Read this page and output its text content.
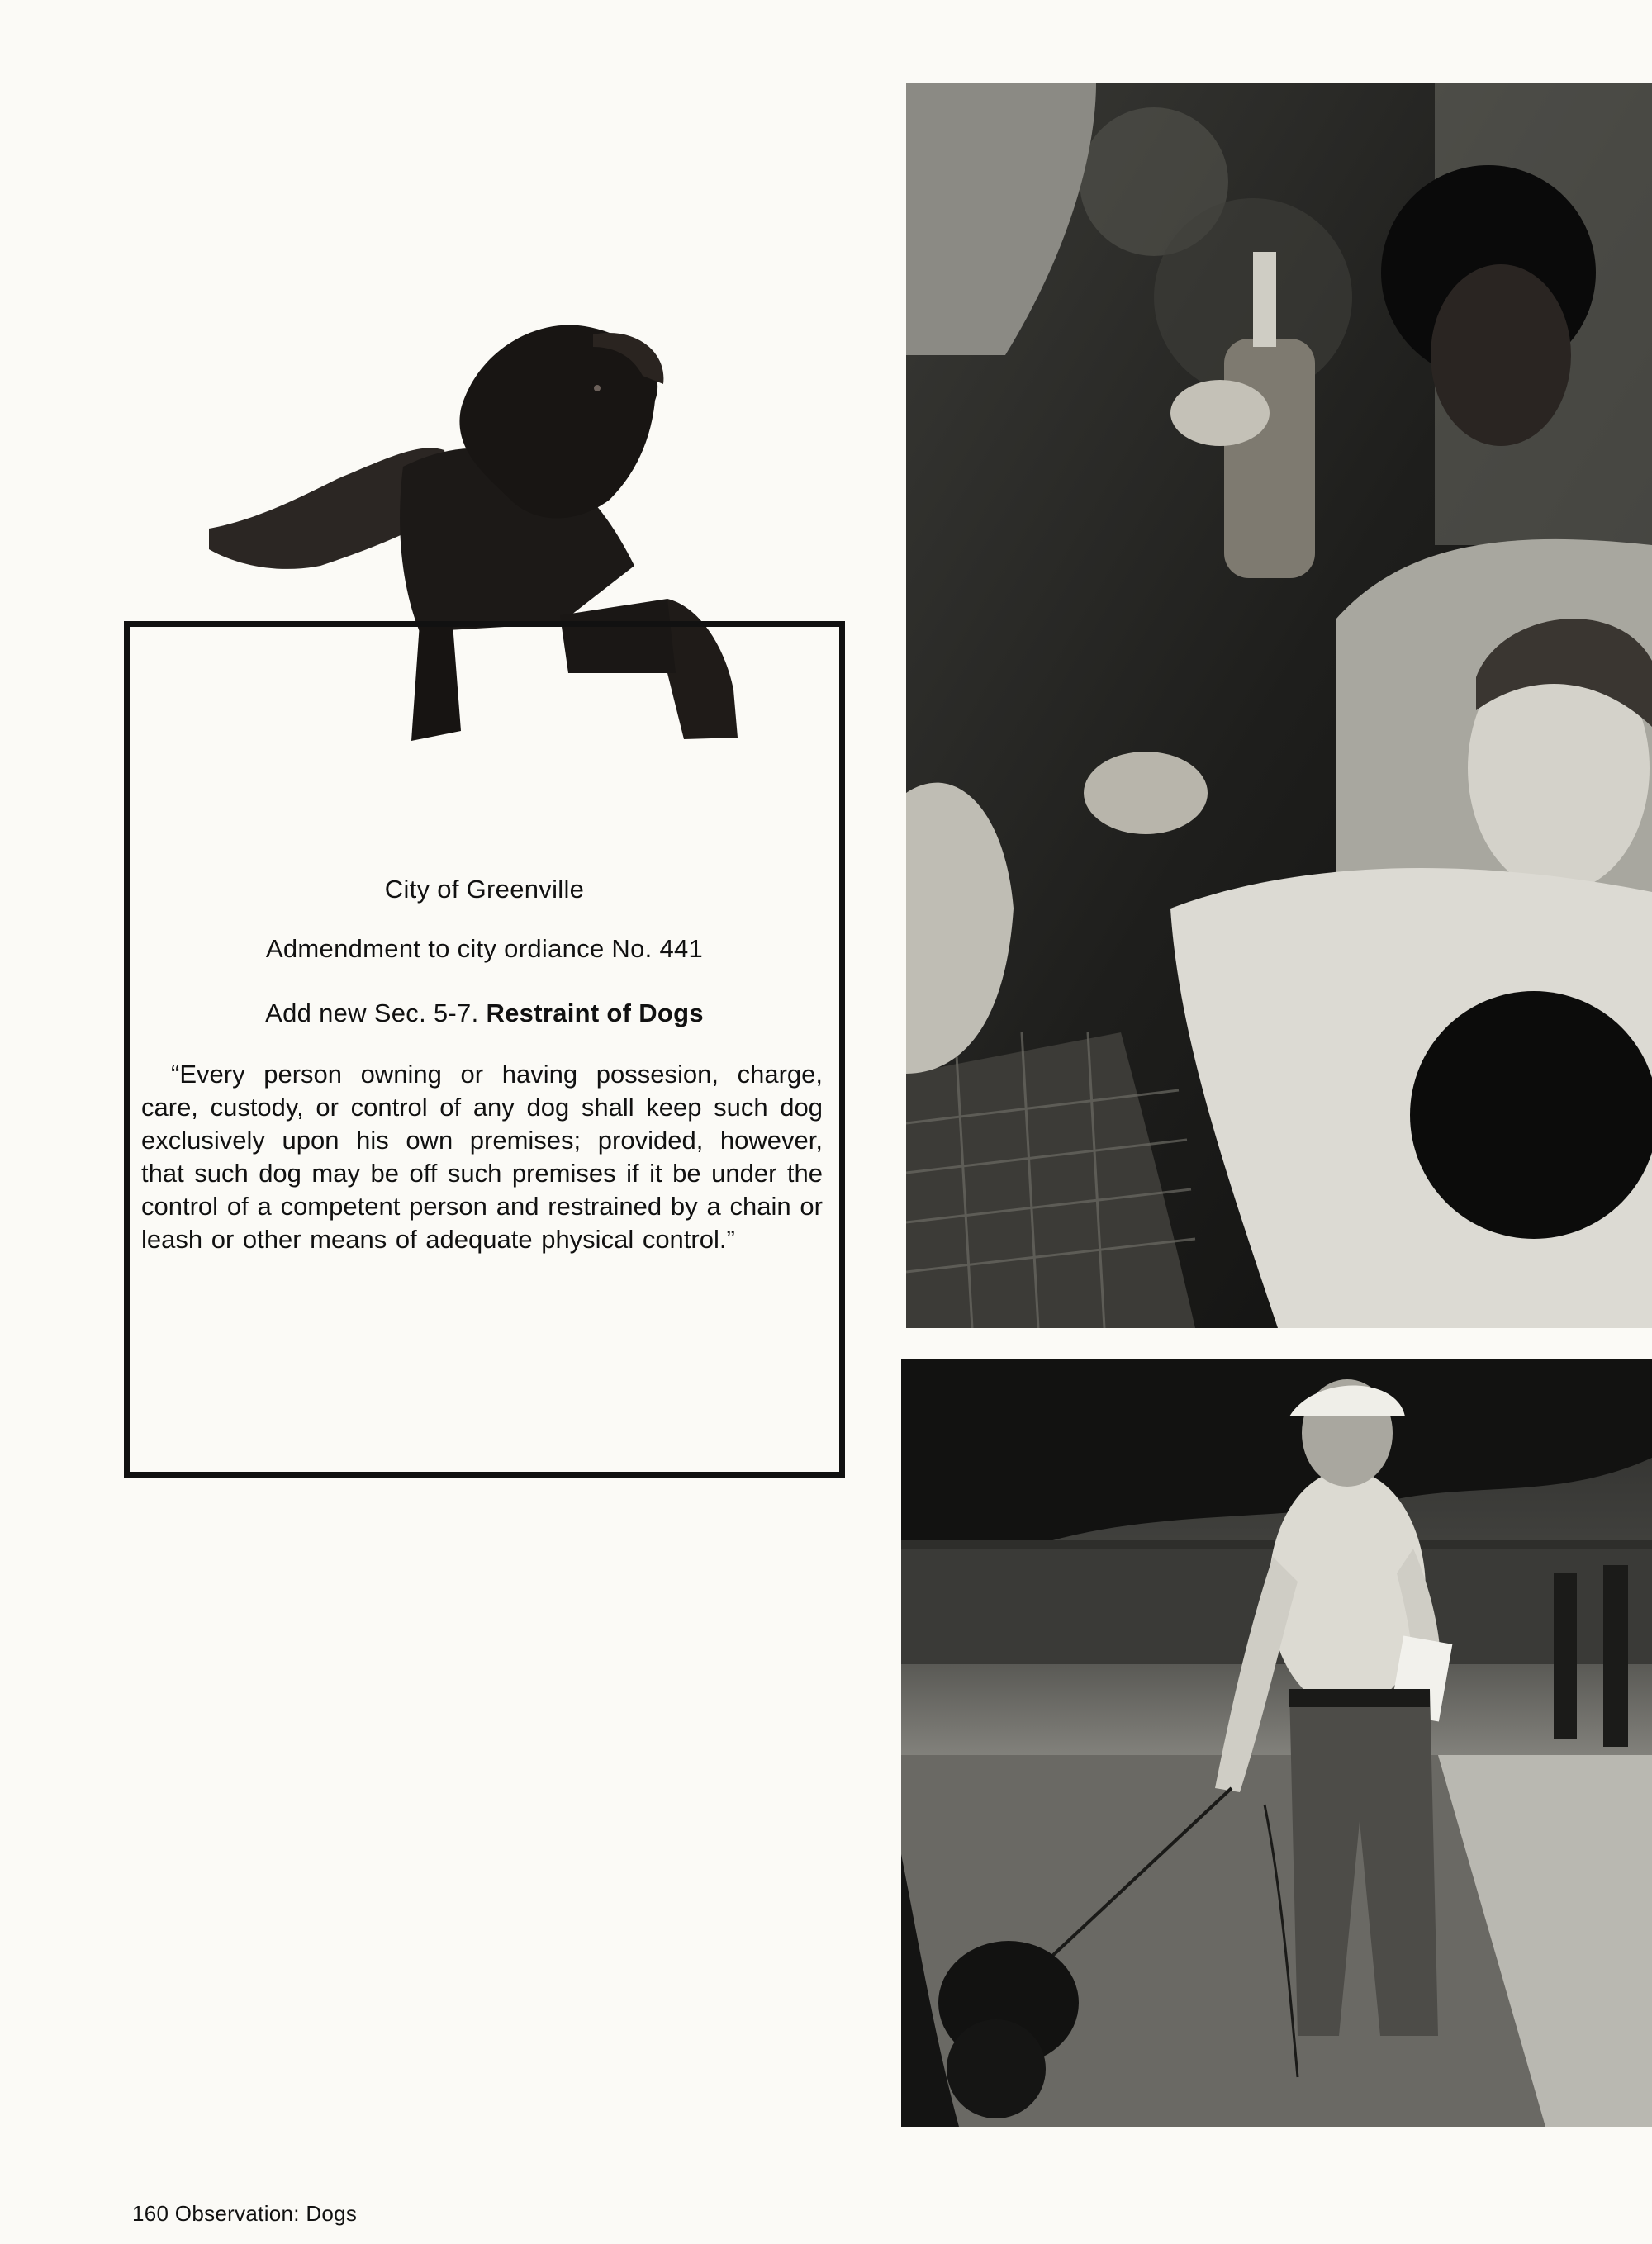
City of Greenville
Admendment to city ordiance No. 441
Add new Sec. 5-7. Restraint of Dogs
“Every person owning or having possesion, charge, care, custody, or control of any dog shall keep such dog exclusively upon his own premises; provided, however, that such dog may be off such premises if it be under the control of a competent person and restrained by a chain or leash or other means of adequate physical control.”
160 Observation: Dogs
